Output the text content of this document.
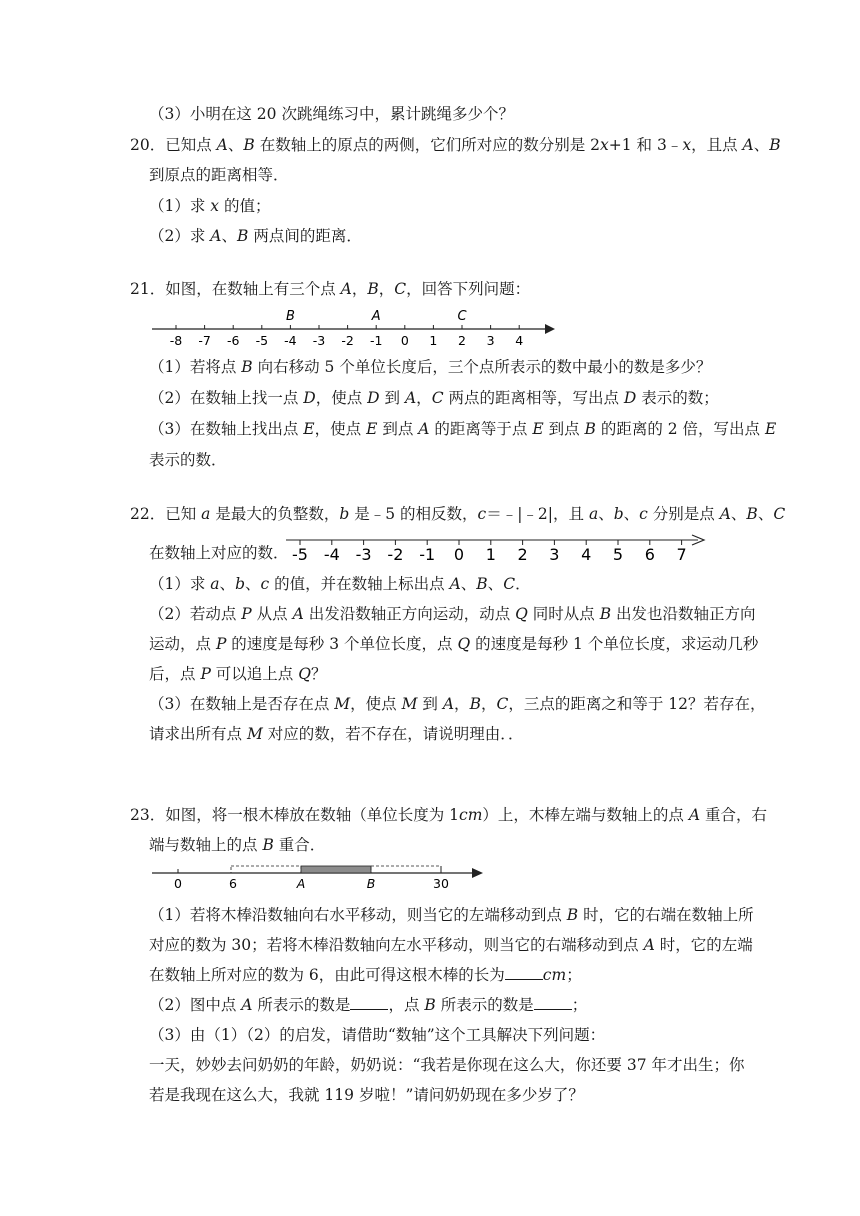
（3）小明在这 20 次跳绳练习中，累计跳绳多少个？
20．已知点 A、B 在数轴上的原点的两侧，它们所对应的数分别是 2x+1 和 3﹣x，且点 A、B
到原点的距离相等．
（1）求 x 的值；
（2）求 A、B 两点间的距离．
21．如图，在数轴上有三个点 A，B，C，回答下列问题：
-8 -7 -6 -5 -4 -3 -2 -1 0 1 2 3 4
B	A	C
（1）若将点 B 向右移动 5 个单位长度后，三个点所表示的数中最小的数是多少？
（2）在数轴上找一点 D，使点 D 到 A，C 两点的距离相等，写出点 D 表示的数；
（3）在数轴上找出点 E，使点 E 到点 A 的距离等于点 E 到点 B 的距离的 2 倍，写出点 E
表示的数．
22．已知 a 是最大的负整数，b 是﹣5 的相反数，c＝﹣|﹣2|，且 a、b、c 分别是点 A、B、C
在数轴上对应的数． -5 -4 -3 -2 -1 0 1 2 3 4 5 6 7
（1）求 a、b、c 的值，并在数轴上标出点 A、B、C．
（2）若动点 P 从点 A 出发沿数轴正方向运动，动点 Q 同时从点 B 出发也沿数轴正方向
运动，点 P 的速度是每秒 3 个单位长度，点 Q 的速度是每秒 1 个单位长度，求运动几秒
后，点 P 可以追上点 Q？
（3）在数轴上是否存在点 M，使点 M 到 A，B，C，三点的距离之和等于 12？若存在，
请求出所有点 M 对应的数，若不存在，请说明理由．．
23．如图，将一根木棒放在数轴（单位长度为 1cm）上，木棒左端与数轴上的点 A 重合，右
端与数轴上的点 B 重合．
0	6	A	B	30
（1）若将木棒沿数轴向右水平移动，则当它的左端移动到点 B 时，它的右端在数轴上所
对应的数为 30；若将木棒沿数轴向左水平移动，则当它的右端移动到点 A 时，它的左端
在数轴上所对应的数为 6，由此可得这根木棒的长为 cm；
（2）图中点 A 所表示的数是 ，点 B 所表示的数是 ；
（3）由（1）（2）的启发，请借助“数轴”这个工具解决下列问题：
一天，妙妙去问奶奶的年龄，奶奶说：“我若是你现在这么大，你还要 37 年才出生；你
若是我现在这么大，我就 119 岁啦！”请问奶奶现在多少岁了？
